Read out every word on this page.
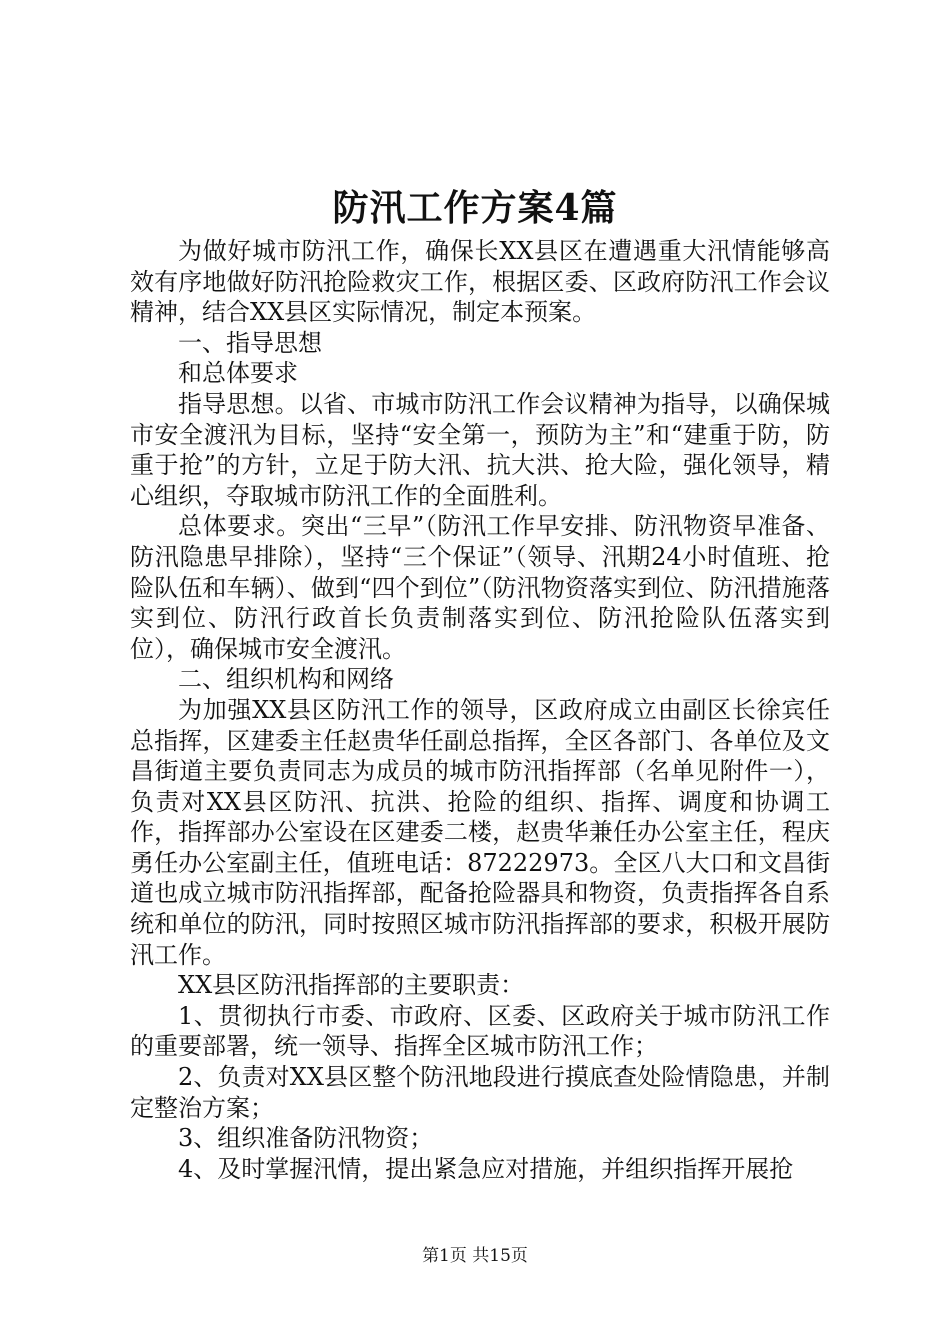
防汛工作方案4篇

为做好城市防汛工作，确保长XX县区在遭遇重大汛情能够高效有序地做好防汛抢险救灾工作，根据区委、区政府防汛工作会议精神，结合XX县区实际情况，制定本预案。

一、指导思想

和总体要求

指导思想。以省、市城市防汛工作会议精神为指导，以确保城市安全渡汛为目标，坚持“安全第一，预防为主”和“建重于防，防重于抢”的方针，立足于防大汛、抗大洪、抢大险，强化领导，精心组织，夺取城市防汛工作的全面胜利。

总体要求。突出“三早”（防汛工作早安排、防汛物资早准备、防汛隐患早排除），坚持“三个保证”（领导、汛期24小时值班、抢险队伍和车辆）、做到“四个到位”（防汛物资落实到位、防汛措施落实到位、防汛行政首长负责制落实到位、防汛抢险队伍落实到位），确保城市安全渡汛。

二、组织机构和网络

为加强XX县区防汛工作的领导，区政府成立由副区长徐宾任总指挥，区建委主任赵贵华任副总指挥，全区各部门、各单位及文昌街道主要负责同志为成员的城市防汛指挥部（名单见附件一），负责对XX县区防汛、抗洪、抢险的组织、指挥、调度和协调工作，指挥部办公室设在区建委二楼，赵贵华兼任办公室主任，程庆勇任办公室副主任，值班电话：87222973。全区八大口和文昌街道也成立城市防汛指挥部，配备抢险器具和物资，负责指挥各自系统和单位的防汛，同时按照区城市防汛指挥部的要求，积极开展防汛工作。

XX县区防汛指挥部的主要职责：

1、贯彻执行市委、市政府、区委、区政府关于城市防汛工作的重要部署，统一领导、指挥全区城市防汛工作；

2、负责对XX县区整个防汛地段进行摸底查处险情隐患，并制定整治方案；

3、组织准备防汛物资；

4、及时掌握汛情，提出紧急应对措施，并组织指挥开展抢

第1页 共15页
